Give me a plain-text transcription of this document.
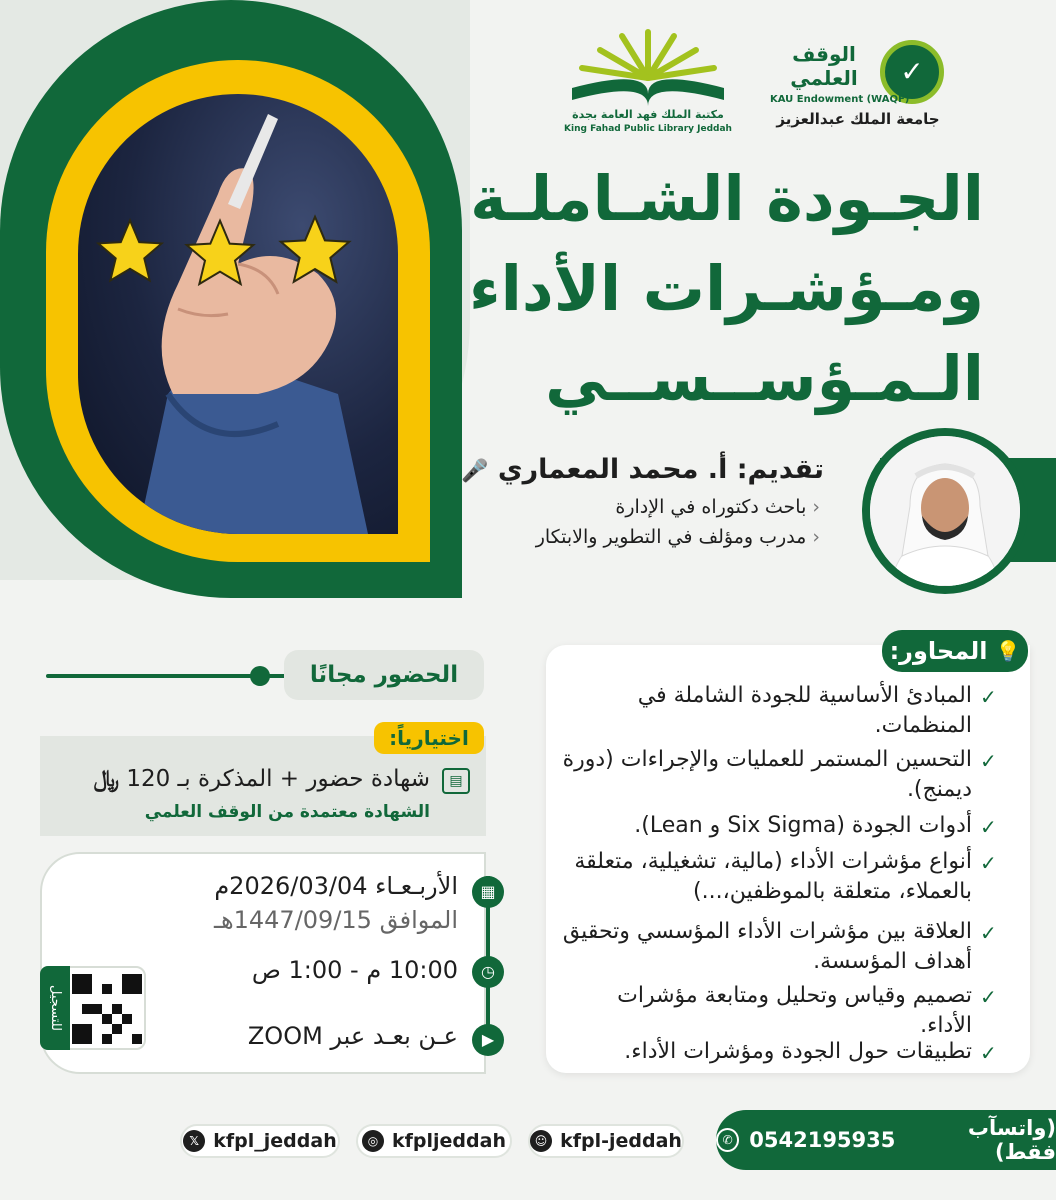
✓
الوقف العلمي
KAU Endowment (WAQF)
جامعة الملك عبدالعزيز
مكتبة الملك فهد العامة بجدة
King Fahad Public Library Jeddah
الجـودة الشـاملـة
ومـؤشـرات الأداء
الـمـؤســســي
تقديم: أ. محمد المعماري 🎤
‹ باحث دكتوراه في الإدارة
‹ مدرب ومؤلف في التطوير والابتكار
✓
المبادئ الأساسية للجودة الشاملة في المنظمات.
✓
التحسين المستمر للعمليات والإجراءات (دورة ديمنج).
✓
أدوات الجودة (Six Sigma و Lean).
✓
أنواع مؤشرات الأداء (مالية، تشغيلية، متعلقة بالعملاء، متعلقة بالموظفين،...)
✓
العلاقة بين مؤشرات الأداء المؤسسي وتحقيق أهداف المؤسسة.
✓
تصميم وقياس وتحليل ومتابعة مؤشرات الأداء.
✓
تطبيقات حول الجودة ومؤشرات الأداء.
💡
المحاور:
الحضور مجانًا
شهادة حضور + المذكرة بـ 120 ﷼	▤
الشهادة معتمدة من الوقف العلمي
اختيارياً:
▦
◷
▶
الأربـعـاء 2026/03/04م
الموافق 1447/09/15هـ
10:00 م - 1:00 ص
عـن بعـد عبر ZOOM
للتسجيل
𝕏 kfpl_jeddah	◎ kfpljeddah	☺ kfpl-jeddah
(واتسآب فقط)
0542195935
✆
